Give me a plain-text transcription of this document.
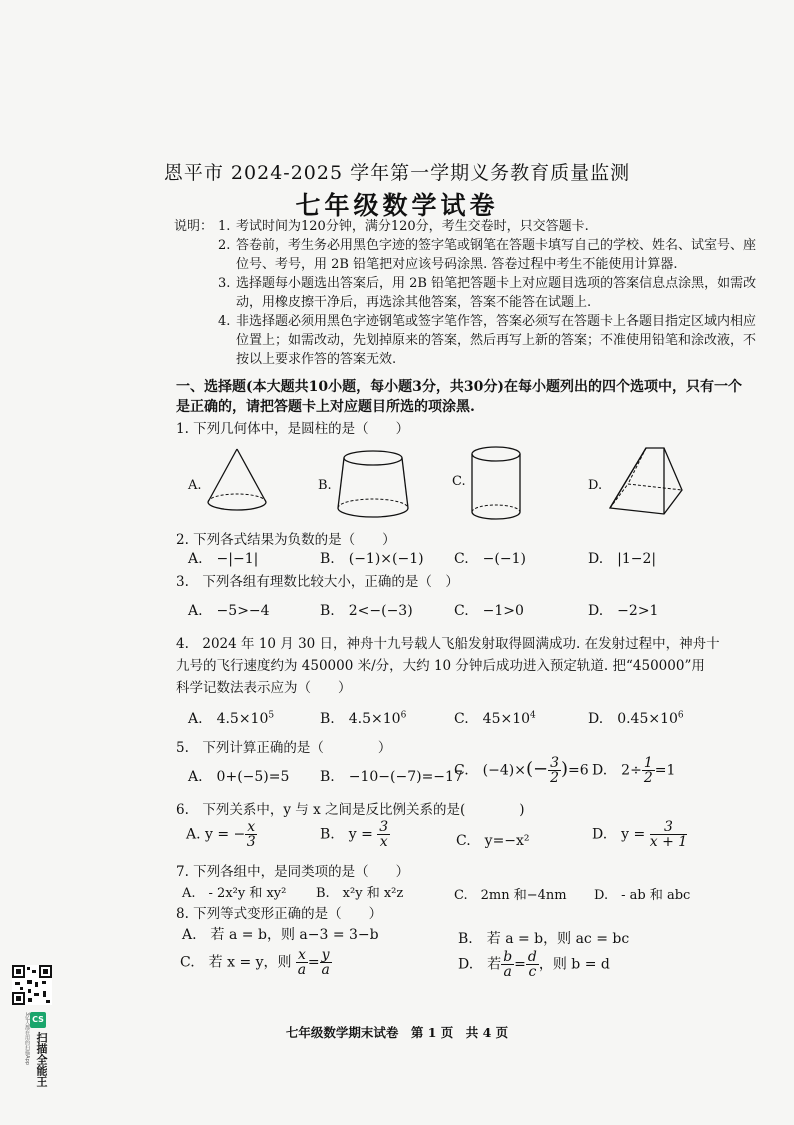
恩平市 2024-2025 学年第一学期义务教育质量监测
七年级数学试卷
说明： 1. 考试时间为120分钟，满分120分，考生交卷时，只交答题卡.
2. 答卷前，考生务必用黑色字迹的签字笔或钢笔在答题卡填写自己的学校、姓名、试室号、座位号、考号，用 2B 铅笔把对应该号码涂黑. 答卷过程中考生不能使用计算器.
3. 选择题每小题选出答案后，用 2B 铅笔把答题卡上对应题目选项的答案信息点涂黑，如需改动，用橡皮擦干净后，再选涂其他答案，答案不能答在试题上.
4. 非选择题必须用黑色字迹钢笔或签字笔作答，答案必须写在答题卡上各题目指定区域内相应位置上；如需改动，先划掉原来的答案，然后再写上新的答案；不准使用铅笔和涂改液，不按以上要求作答的答案无效.
一、选择题(本大题共10小题，每小题3分，共30分)在每小题列出的四个选项中，只有一个是正确的，请把答题卡上对应题目所选的项涂黑.
1. 下列几何体中，是圆柱的是（　　）
A.	B.	C.	D.
2. 下列各式结果为负数的是（　　）
A.　−|−1|	B.　(−1)×(−1) C.　−(−1)	D.　|1−2|
3.　下列各组有理数比较大小，正确的是（　）
A.　−5>−4	B.　2<−(−3)	C.　−1>0	D.　−2>1
4.　2024 年 10 月 30 日，神舟十九号载人飞船发射取得圆满成功. 在发射过程中，神舟十
九号的飞行速度约为 450000 米/分，大约 10 分钟后成功进入预定轨道. 把“450000”用
科学记数法表示应为（　　）
A.　 $4.5\times 10^5$	B.　 $4.5\times 10^6$	C.　 $45\times 10^4$	D.　 $0.45\times 10^6$
5.　下列计算正确的是（　　　　）
A.　0+(−5)=5 B.　−10−(−7)=−17
C.　$(-4)\times(- \frac{3}{2} )=6$ D.　$2\div \frac{1}{2} =1$
6.　下列关系中，y 与 x 之间是反比例关系的是(　　　　)
A. y = − $\frac{x}{3}$	B.　$y = \frac{3}{x}$	C.　y=−x²	D.　$y = \frac{3}{x + 1}$
7. 下列各组中，是同类项的是（　　）
A.　- 2x²y 和 xy² B.　x²y 和 x²z	C.　2mn 和−4nm D.　- ab 和 abc
8. 下列等式变形正确的是（　　）
A.　若 a = b，则 a−3 = 3−b	B.　若 a = b，则 ac = bc
C.　若 x = y，则 $\frac{x}{a} = \frac{y}{a}$	D.　若 $\frac{b}{a} = \frac{d}{c}$ ，则 b = d
七年级数学期末试卷　第 1 页　共 4 页
CS
扫描全能王
3亿人都在用的扫描App
